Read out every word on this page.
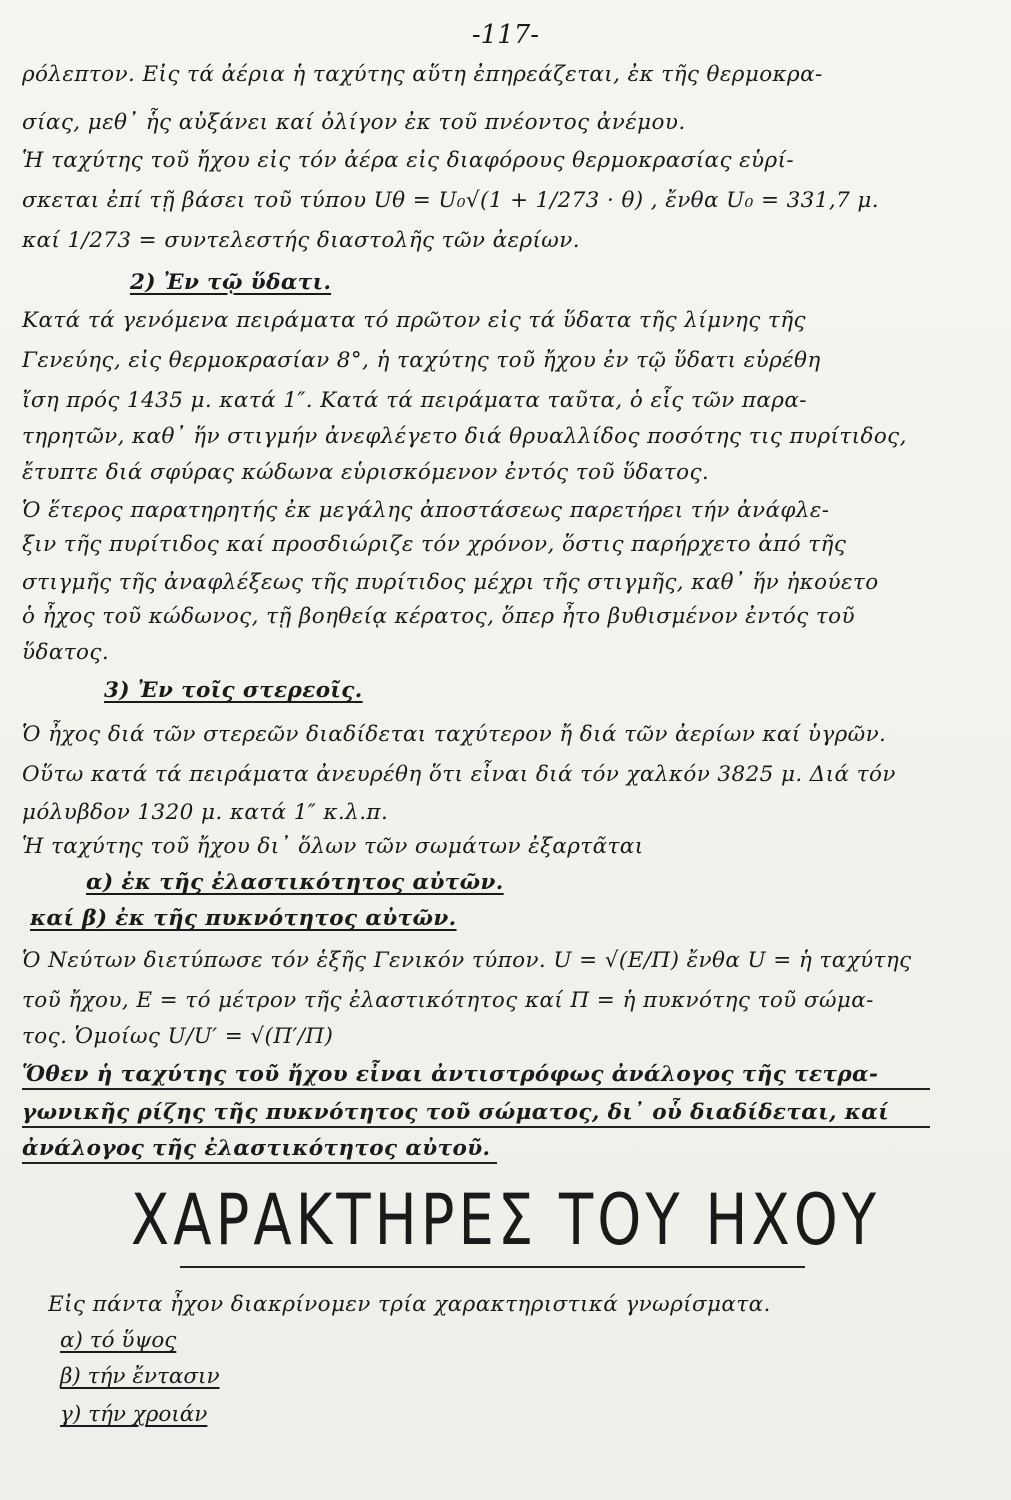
-117-
ρόλεπτον. Εἰς τά ἀέρια ἡ ταχύτης αὕτη ἐπηρεάζεται, ἐκ τῆς θερμοκρα-
σίας, μεθ᾽ ἧς αὐξάνει καί ὀλίγον ἐκ τοῦ πνέοντος ἀνέμου.
Ἡ ταχύτης τοῦ ἤχου εἰς τόν ἀέρα εἰς διαφόρους θερμοκρασίας εὑρί-
σκεται ἐπί τῇ βάσει τοῦ τύπου Uθ = U₀√(1 + 1/273 · θ) , ἔνθα U₀ = 331,7 μ.
καί 1/273 = συντελεστής διαστολῆς τῶν ἀερίων.
2) Ἐν τῷ ὕδατι.
Κατά τά γενόμενα πειράματα τό πρῶτον εἰς τά ὕδατα τῆς λίμνης τῆς
Γενεύης, εἰς θερμοκρασίαν 8°, ἡ ταχύτης τοῦ ἤχου ἐν τῷ ὕδατι εὑρέθη
ἴση πρός 1435 μ. κατά 1″. Κατά τά πειράματα ταῦτα, ὁ εἷς τῶν παρα-
τηρητῶν, καθ᾽ ἥν στιγμήν ἀνεφλέγετο διά θρυαλλίδος ποσότης τις πυρίτιδος,
ἔτυπτε διά σφύρας κώδωνα εὑρισκόμενον ἐντός τοῦ ὕδατος.
Ὁ ἕτερος παρατηρητής ἐκ μεγάλης ἀποστάσεως παρετήρει τήν ἀνάφλε-
ξιν τῆς πυρίτιδος καί προσδιώριζε τόν χρόνον, ὅστις παρήρχετο ἀπό τῆς
στιγμῆς τῆς ἀναφλέξεως τῆς πυρίτιδος μέχρι τῆς στιγμῆς, καθ᾽ ἥν ἠκούετο
ὁ ἦχος τοῦ κώδωνος, τῇ βοηθείᾳ κέρατος, ὅπερ ἦτο βυθισμένον ἐντός τοῦ
ὕδατος.
3) Ἐν τοῖς στερεοῖς.
Ὁ ἦχος διά τῶν στερεῶν διαδίδεται ταχύτερον ἤ διά τῶν ἀερίων καί ὑγρῶν.
Οὕτω κατά τά πειράματα ἀνευρέθη ὅτι εἶναι διά τόν χαλκόν 3825 μ. Διά τόν
μόλυβδον 1320 μ. κατά 1″ κ.λ.π.
Ἡ ταχύτης τοῦ ἤχου δι᾽ ὅλων τῶν σωμάτων ἐξαρτᾶται
α) ἐκ τῆς ἐλαστικότητος αὐτῶν.
καί β) ἐκ τῆς πυκνότητος αὐτῶν.
Ὁ Νεύτων διετύπωσε τόν ἑξῆς Γενικόν τύπον. U = √(E/Π) ἔνθα U = ἡ ταχύτης
τοῦ ἤχου, E = τό μέτρον τῆς ἐλαστικότητος καί Π = ἡ πυκνότης τοῦ σώμα-
τος. Ὁμοίως U/U′ = √(Π′/Π)
Ὅθεν ἡ ταχύτης τοῦ ἤχου εἶναι ἀντιστρόφως ἀνάλογος τῆς τετρα-
γωνικῆς ρίζης τῆς πυκνότητος τοῦ σώματος, δι᾽ οὗ διαδίδεται, καί
ἀνάλογος τῆς ἐλαστικότητος αὐτοῦ.
ΧΑΡΑΚΤΗΡΕΣ ΤΟΥ ΗΧΟΥ
Εἰς πάντα ἦχον διακρίνομεν τρία χαρακτηριστικά γνωρίσματα.
α) τό ὕψος
β) τήν ἔντασιν
γ) τήν χροιάν
